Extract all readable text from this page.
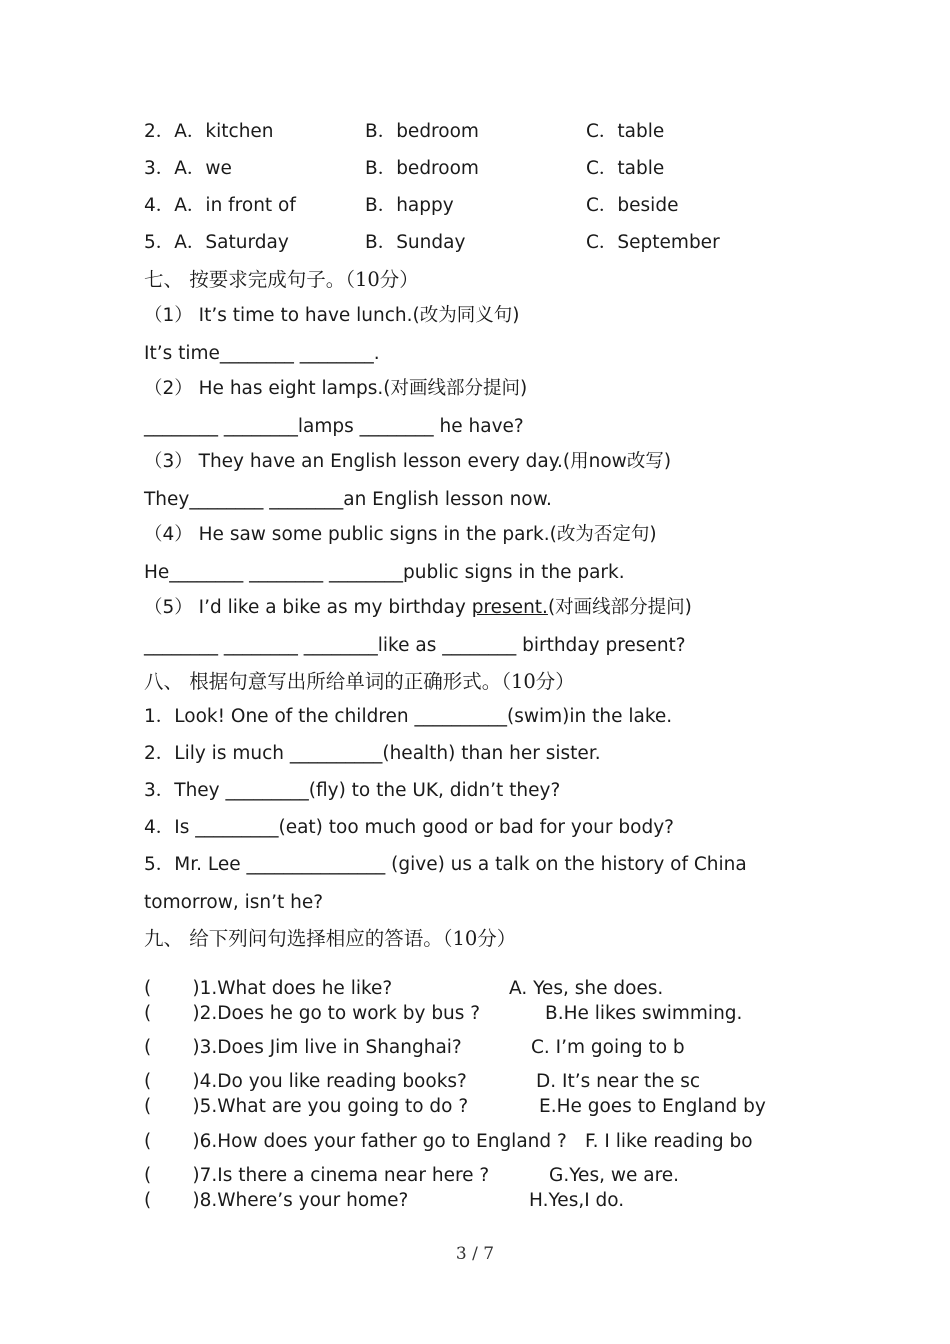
2．A．kitchen	B．bedroom	C．table
3．A．we	B．bedroom	C．table
4．A．in front of	B．happy	C．beside
5．A．Saturday	B．Sunday	C．September
七、 按要求完成句子。（10分）
（1） It’s time to have lunch.(改为同义句)
It’s time________ ________.
（2） He has eight lamps.(对画线部分提问)
________ ________lamps ________ he have?
（3） They have an English lesson every day.(用now改写)
They________ ________an English lesson now.
（4） He saw some public signs in the park.(改为否定句)
He________ ________ ________public signs in the park.
（5） I’d like a bike as my birthday present.(对画线部分提问)
________ ________ ________like as ________ birthday present?
八、 根据句意写出所给单词的正确形式。（10分）
1．Look! One of the children __________(swim)in the lake.
2．Lily is much __________(health) than her sister.
3．They _________(fly) to the UK, didn’t they?
4．Is _________(eat) too much good or bad for your body?
5．Mr. Lee _______________ (give) us a talk on the history of China
tomorrow, isn’t he?
九、 给下列问句选择相应的答语。（10分）
(       )1.What does he like?	A. Yes, she does.
(       )2.Does he go to work by bus ?	B.He likes swimming.
(       )3.Does Jim live in Shanghai?	C. I’m going to b
(       )4.Do you like reading books?	D. It’s near the sc
(       )5.What are you going to do ?	E.He goes to England by
(       )6.How does your father go to England ? F. I like reading bo
(       )7.Is there a cinema near here ?	G.Yes, we are.
(       )8.Where’s your home?	H.Yes,I do.
3 / 7
